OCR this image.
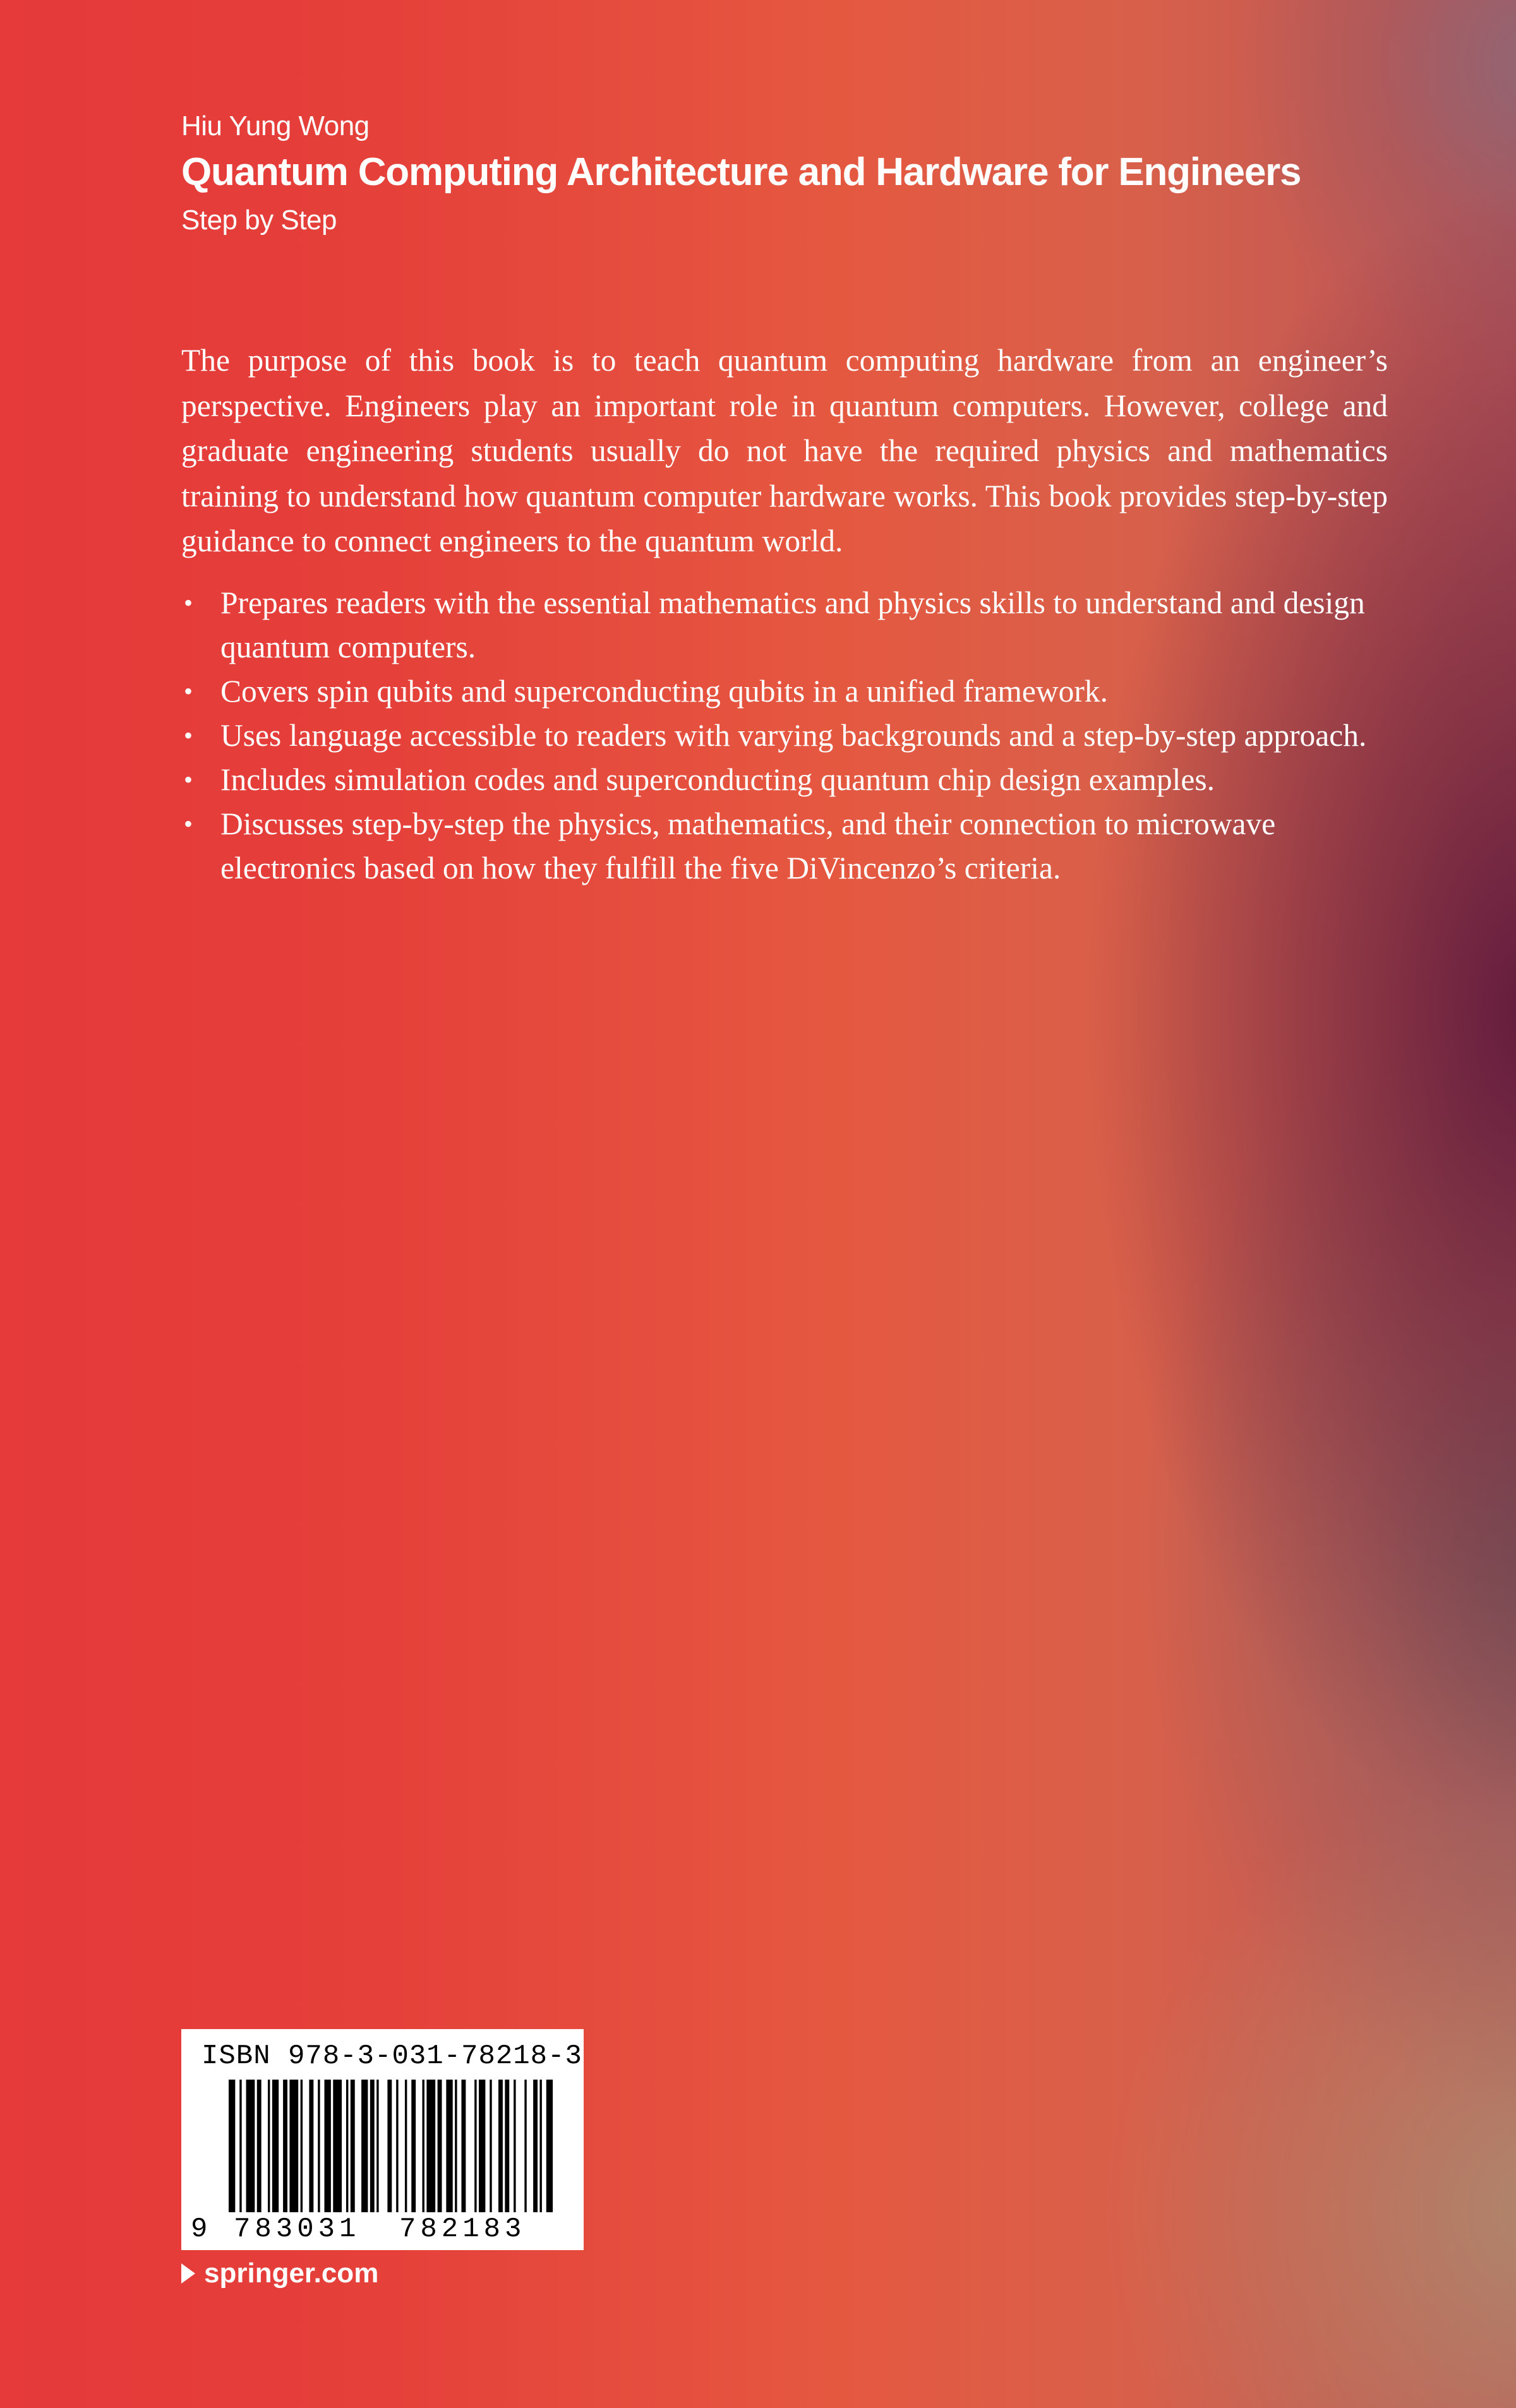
Hiu Yung Wong

Quantum Computing Architecture and Hardware for Engineers

Step by Step

The purpose of this book is to teach quantum computing hardware from an engineer’s perspective. Engineers play an important role in quantum computers. However, college and graduate engineering students usually do not have the required physics and mathematics training to understand how quantum computer hardware works. This book provides step-by-step guidance to connect engineers to the quantum world.

• Prepares readers with the essential mathematics and physics skills to understand and design quantum computers.
• Covers spin qubits and superconducting qubits in a unified framework.
• Uses language accessible to readers with varying backgrounds and a step-by-step approach.
• Includes simulation codes and superconducting quantum chip design examples.
• Discusses step-by-step the physics, mathematics, and their connection to microwave electronics based on how they fulfill the five DiVincenzo’s criteria.
ISBN 978-3-031-78218-3
9 783031 782183
springer.com
